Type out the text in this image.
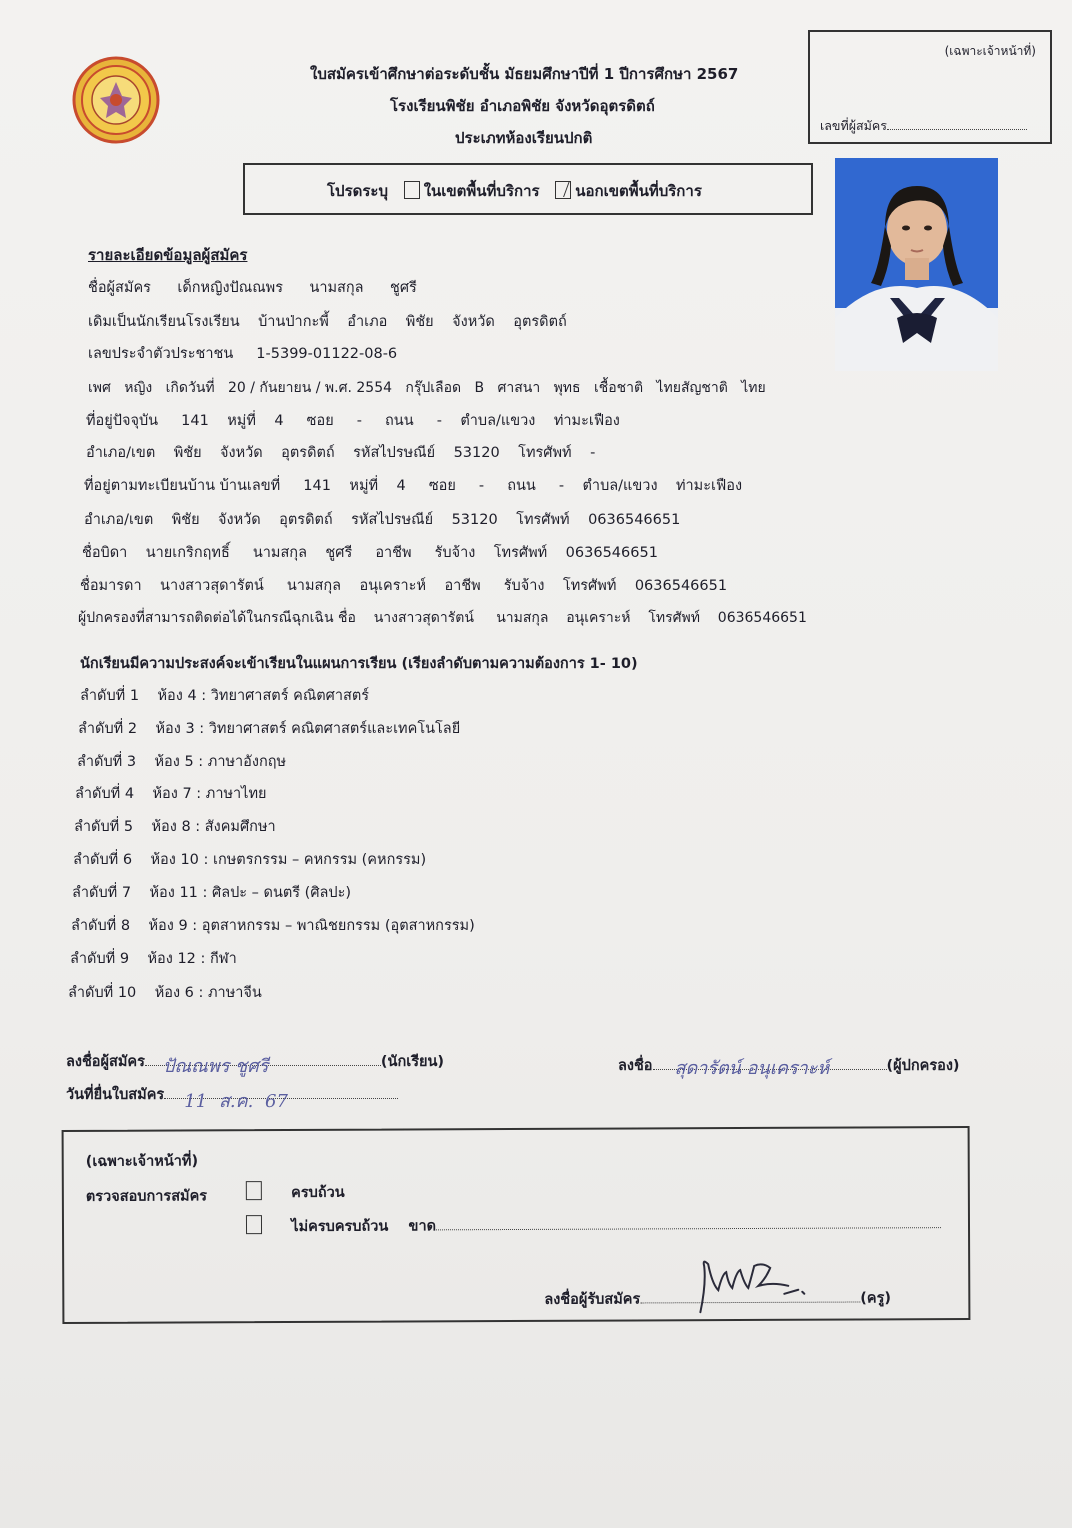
ใบสมัครเข้าศึกษาต่อระดับชั้น มัธยมศึกษาปีที่ 1 ปีการศึกษา 2567
โรงเรียนพิชัย อำเภอพิชัย จังหวัดอุตรดิตถ์
ประเภทห้องเรียนปกติ
(เฉพาะเจ้าหน้าที่)
เลขที่ผู้สมัคร
โปรดระบุ ในเขตพื้นที่บริการ นอกเขตพื้นที่บริการ
รายละเอียดข้อมูลผู้สมัคร
ชื่อผู้สมัคร เด็กหญิงปัณณพร นามสกุล ชูศรี
เดิมเป็นนักเรียนโรงเรียน บ้านป่ากะพี้ อำเภอ พิชัย จังหวัด อุตรดิตถ์
เลขประจำตัวประชาชน 1-5399-01122-08-6
เพศ หญิง เกิดวันที่ 20 / กันยายน / พ.ศ. 2554 กรุ๊ปเลือด B ศาสนา พุทธ เชื้อชาติ ไทยสัญชาติ ไทย
ที่อยู่ปัจจุบัน 141 หมู่ที่ 4 ซอย - ถนน - ตำบล/แขวง ท่ามะเฟือง
อำเภอ/เขต พิชัย จังหวัด อุตรดิตถ์ รหัสไปรษณีย์ 53120 โทรศัพท์ -
ที่อยู่ตามทะเบียนบ้าน บ้านเลขที่ 141 หมู่ที่ 4 ซอย - ถนน - ตำบล/แขวง ท่ามะเฟือง
อำเภอ/เขต พิชัย จังหวัด อุตรดิตถ์ รหัสไปรษณีย์ 53120 โทรศัพท์ 0636546651
ชื่อบิดา นายเกริกฤทธิ์ นามสกุล ชูศรี อาชีพ รับจ้าง โทรศัพท์ 0636546651
ชื่อมารดา นางสาวสุดารัตน์ นามสกุล อนุเคราะห์ อาชีพ รับจ้าง โทรศัพท์ 0636546651
ผู้ปกครองที่สามารถติดต่อได้ในกรณีฉุกเฉิน ชื่อ นางสาวสุดารัตน์ นามสกุล อนุเคราะห์ โทรศัพท์ 0636546651
นักเรียนมีความประสงค์จะเข้าเรียนในแผนการเรียน (เรียงลำดับตามความต้องการ 1- 10)
ลำดับที่ 1 ห้อง 4 : วิทยาศาสตร์ คณิตศาสตร์
ลำดับที่ 2 ห้อง 3 : วิทยาศาสตร์ คณิตศาสตร์และเทคโนโลยี
ลำดับที่ 3 ห้อง 5 : ภาษาอังกฤษ
ลำดับที่ 4 ห้อง 7 : ภาษาไทย
ลำดับที่ 5 ห้อง 8 : สังคมศึกษา
ลำดับที่ 6 ห้อง 10 : เกษตรกรรม – คหกรรม (คหกรรม)
ลำดับที่ 7 ห้อง 11 : ศิลปะ – ดนตรี (ศิลปะ)
ลำดับที่ 8 ห้อง 9 : อุตสาหกรรม – พาณิชยกรรม (อุตสาหกรรม)
ลำดับที่ 9 ห้อง 12 : กีฬา
ลำดับที่ 10 ห้อง 6 : ภาษาจีน
ลงชื่อผู้สมัคร ปัณณพร ชูศรี	(นักเรียน)	ลงชื่อ สุดารัตน์ อนุเคราะห์	(ผู้ปกครอง)
วันที่ยื่นใบสมัคร 11 ส.ค. 67
(เฉพาะเจ้าหน้าที่)
ตรวจสอบการสมัคร	ครบถ้วน
ไม่ครบครบถ้วน ขาด
ลงชื่อผู้รับสมัคร	(ครู)
